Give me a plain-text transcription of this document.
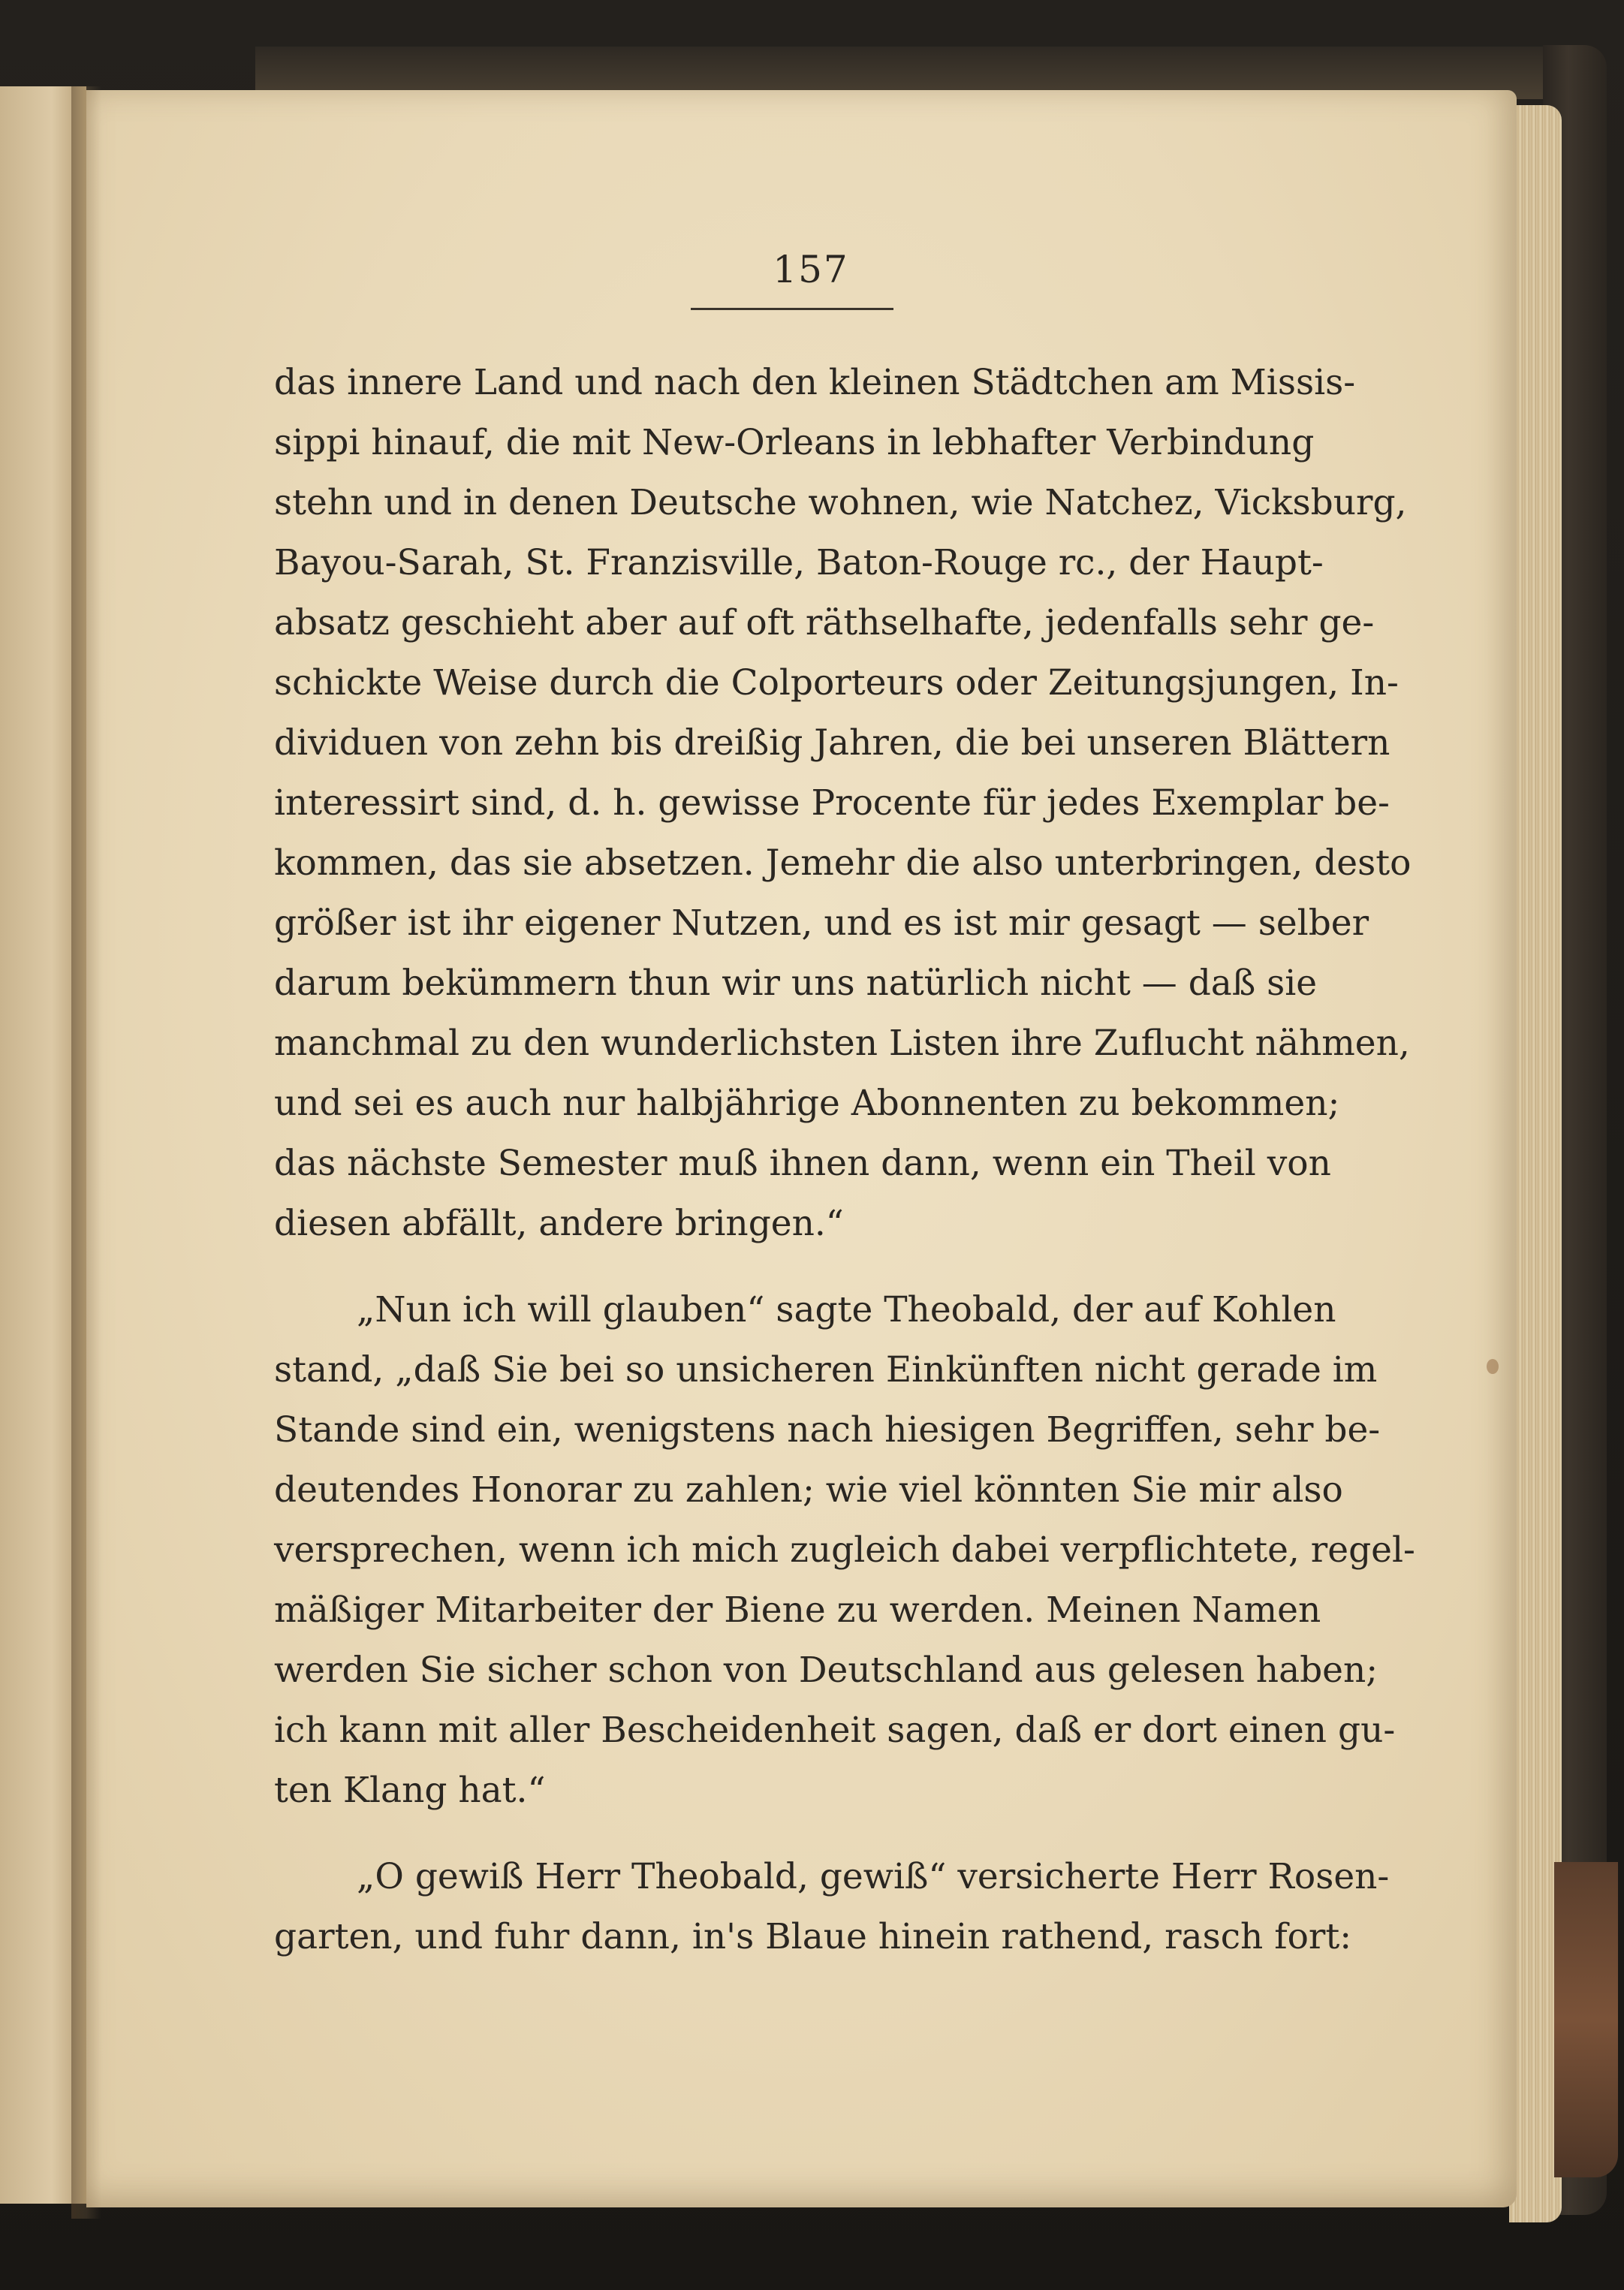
157
das innere Land und nach den kleinen Städtchen am Missis-
sippi hinauf, die mit New-Orleans in lebhafter Verbindung
stehn und in denen Deutsche wohnen, wie Natchez, Vicksburg,
Bayou-Sarah, St. Franzisville, Baton-Rouge rc., der Haupt-
absatz geschieht aber auf oft räthselhafte, jedenfalls sehr ge-
schickte Weise durch die Colporteurs oder Zeitungsjungen, In-
dividuen von zehn bis dreißig Jahren, die bei unseren Blättern
interessirt sind, d. h. gewisse Procente für jedes Exemplar be-
kommen, das sie absetzen. Jemehr die also unterbringen, desto
größer ist ihr eigener Nutzen, und es ist mir gesagt — selber
darum bekümmern thun wir uns natürlich nicht — daß sie
manchmal zu den wunderlichsten Listen ihre Zuflucht nähmen,
und sei es auch nur halbjährige Abonnenten zu bekommen;
das nächste Semester muß ihnen dann, wenn ein Theil von
diesen abfällt, andere bringen.“
„Nun ich will glauben“ sagte Theobald, der auf Kohlen
stand, „daß Sie bei so unsicheren Einkünften nicht gerade im
Stande sind ein, wenigstens nach hiesigen Begriffen, sehr be-
deutendes Honorar zu zahlen; wie viel könnten Sie mir also
versprechen, wenn ich mich zugleich dabei verpflichtete, regel-
mäßiger Mitarbeiter der Biene zu werden. Meinen Namen
werden Sie sicher schon von Deutschland aus gelesen haben;
ich kann mit aller Bescheidenheit sagen, daß er dort einen gu-
ten Klang hat.“
„O gewiß Herr Theobald, gewiß“ versicherte Herr Rosen-
garten, und fuhr dann, in's Blaue hinein rathend, rasch fort:
